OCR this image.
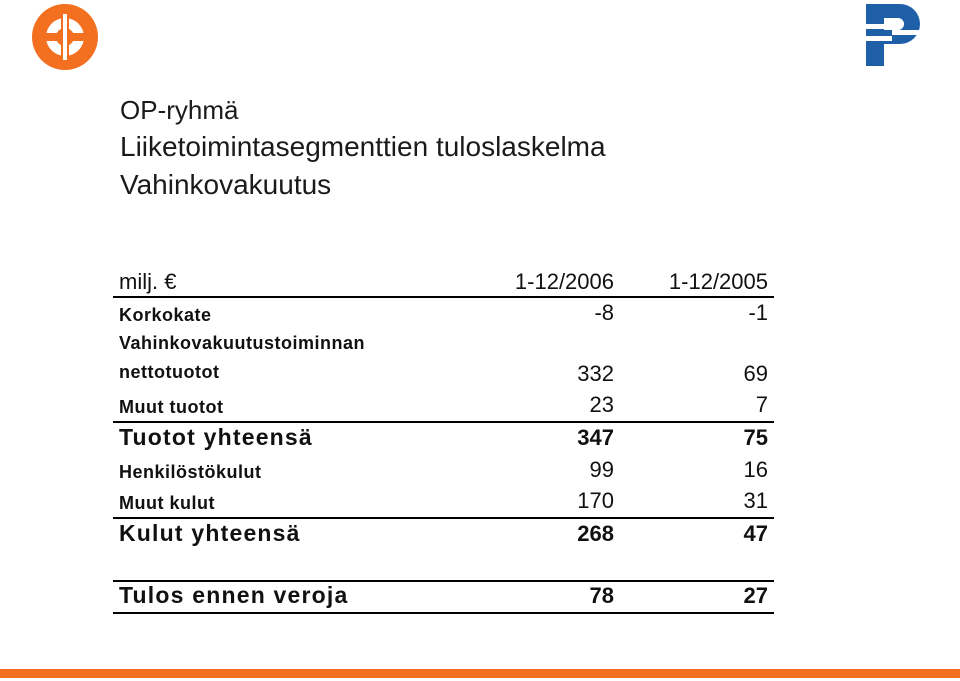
OP-ryhmä
Liiketoimintasegmenttien tuloslaskelma
Vahinkovakuutus
milj. €	1-12/2006	1-12/2005
Korkokate	-8	-1

Vahinkovakuutustoiminnan
nettotuotot	332	69
Muut tuotot	23	7
Tuotot yhteensä	347	75
Henkilöstökulut	99	16
Muut kulut	170	31
Kulut yhteensä	268	47

Tulos ennen veroja	78	27
